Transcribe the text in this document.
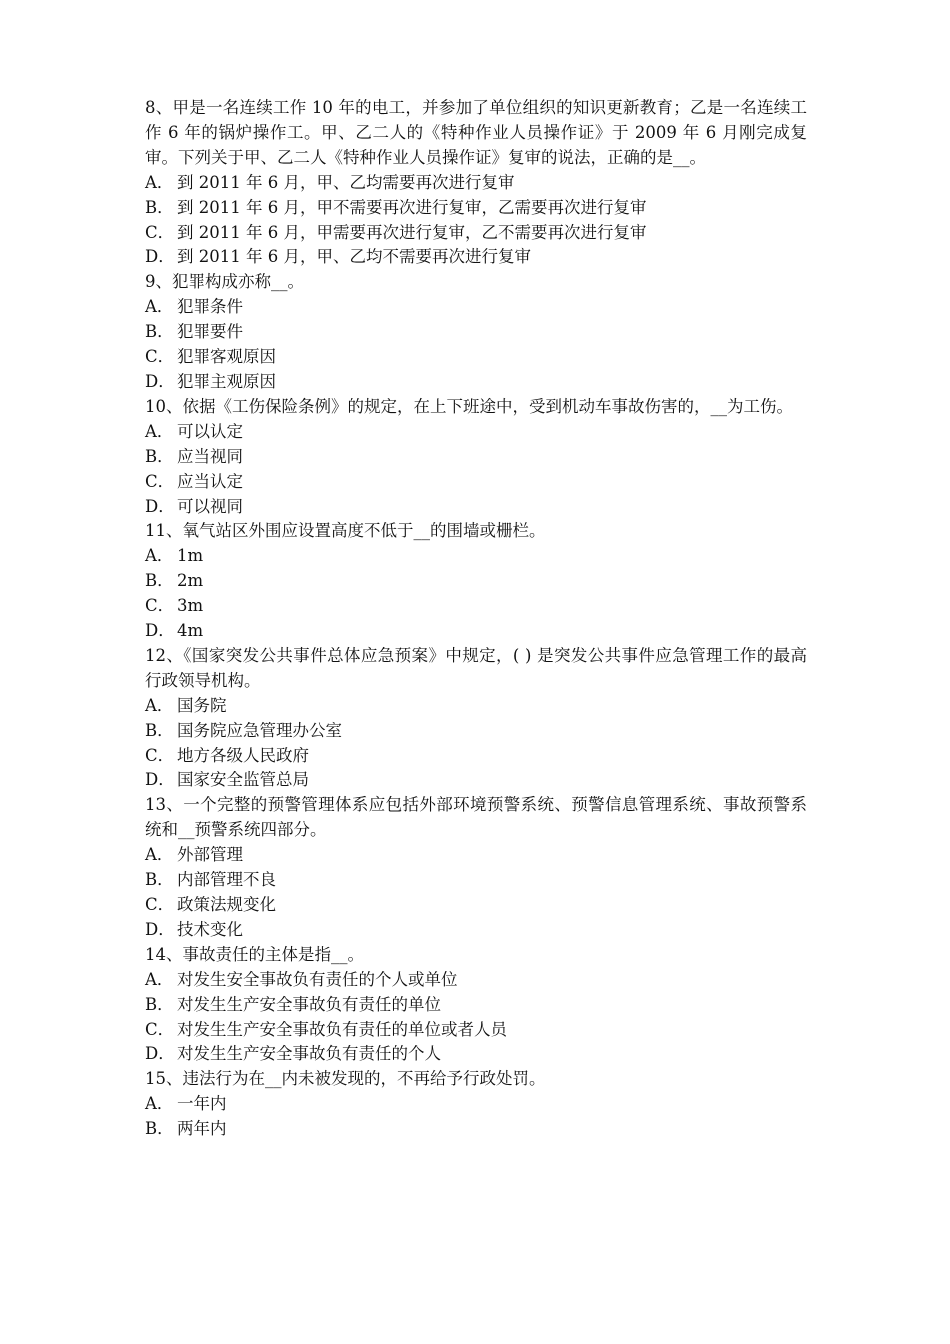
8、甲是一名连续工作 10 年的电工，并参加了单位组织的知识更新教育；乙是一名连续工作 6 年的锅炉操作工。甲、乙二人的《特种作业人员操作证》于 2009 年 6 月刚完成复审。下列关于甲、乙二人《特种作业人员操作证》复审的说法，正确的是__。

A． 到 2011 年 6 月，甲、乙均需要再次进行复审

B． 到 2011 年 6 月，甲不需要再次进行复审，乙需要再次进行复审

C． 到 2011 年 6 月，甲需要再次进行复审，乙不需要再次进行复审

D． 到 2011 年 6 月，甲、乙均不需要再次进行复审

9、犯罪构成亦称__。

A． 犯罪条件

B． 犯罪要件

C． 犯罪客观原因

D． 犯罪主观原因

10、依据《工伤保险条例》的规定，在上下班途中，受到机动车事故伤害的，__为工伤。

A． 可以认定

B． 应当视同

C． 应当认定

D． 可以视同

11、氧气站区外围应设置高度不低于__的围墙或栅栏。

A． 1m

B． 2m

C． 3m

D． 4m

12、《国家突发公共事件总体应急预案》中规定，( ) 是突发公共事件应急管理工作的最高行政领导机构。

A． 国务院

B． 国务院应急管理办公室

C． 地方各级人民政府

D． 国家安全监管总局

13、一个完整的预警管理体系应包括外部环境预警系统、预警信息管理系统、事故预警系统和__预警系统四部分。

A． 外部管理

B． 内部管理不良

C． 政策法规变化

D． 技术变化

14、事故责任的主体是指__。

A． 对发生安全事故负有责任的个人或单位

B． 对发生生产安全事故负有责任的单位

C． 对发生生产安全事故负有责任的单位或者人员

D． 对发生生产安全事故负有责任的个人

15、违法行为在__内未被发现的，不再给予行政处罚。

A． 一年内

B． 两年内
